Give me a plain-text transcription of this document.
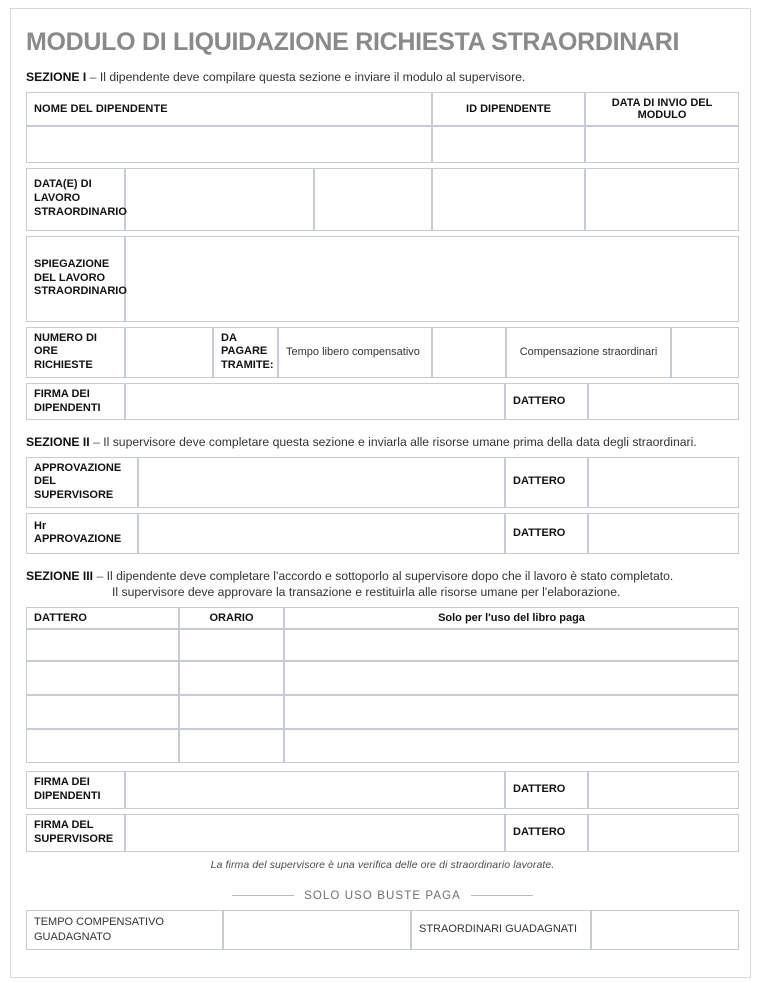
MODULO DI LIQUIDAZIONE RICHIESTA STRAORDINARI

SEZIONE I – Il dipendente deve compilare questa sezione e inviare il modulo al supervisore.

NOME DEL DIPENDENTE	ID DIPENDENTE	DATA DI INVIO DEL MODULO

DATA(E) DI LAVORO STRAORDINARIO				
SPIEGAZIONE DEL LAVORO STRAORDINARIO	
NUMERO DI ORE RICHIESTE		DA PAGARE TRAMITE:	Tempo libero compensativo		Compensazione straordinari	
FIRMA DEI DIPENDENTI		DATTERO	

SEZIONE II – Il supervisore deve completare questa sezione e inviarla alle risorse umane prima della data degli straordinari.

APPROVAZIONE DEL SUPERVISORE		DATTERO	
Hr APPROVAZIONE		DATTERO	

SEZIONE III – Il dipendente deve completare l'accordo e sottoporlo al supervisore dopo che il lavoro è stato completato.
Il supervisore deve approvare la transazione e restituirla alle risorse umane per l'elaborazione.

DATTERO	ORARIO	Solo per l'uso del libro paga

FIRMA DEI DIPENDENTI		DATTERO	
FIRMA DEL SUPERVISORE		DATTERO	

La firma del supervisore è una verifica delle ore di straordinario lavorate.

SOLO USO BUSTE PAGA
TEMPO COMPENSATIVO GUADAGNATO		STRAORDINARI GUADAGNATI	
